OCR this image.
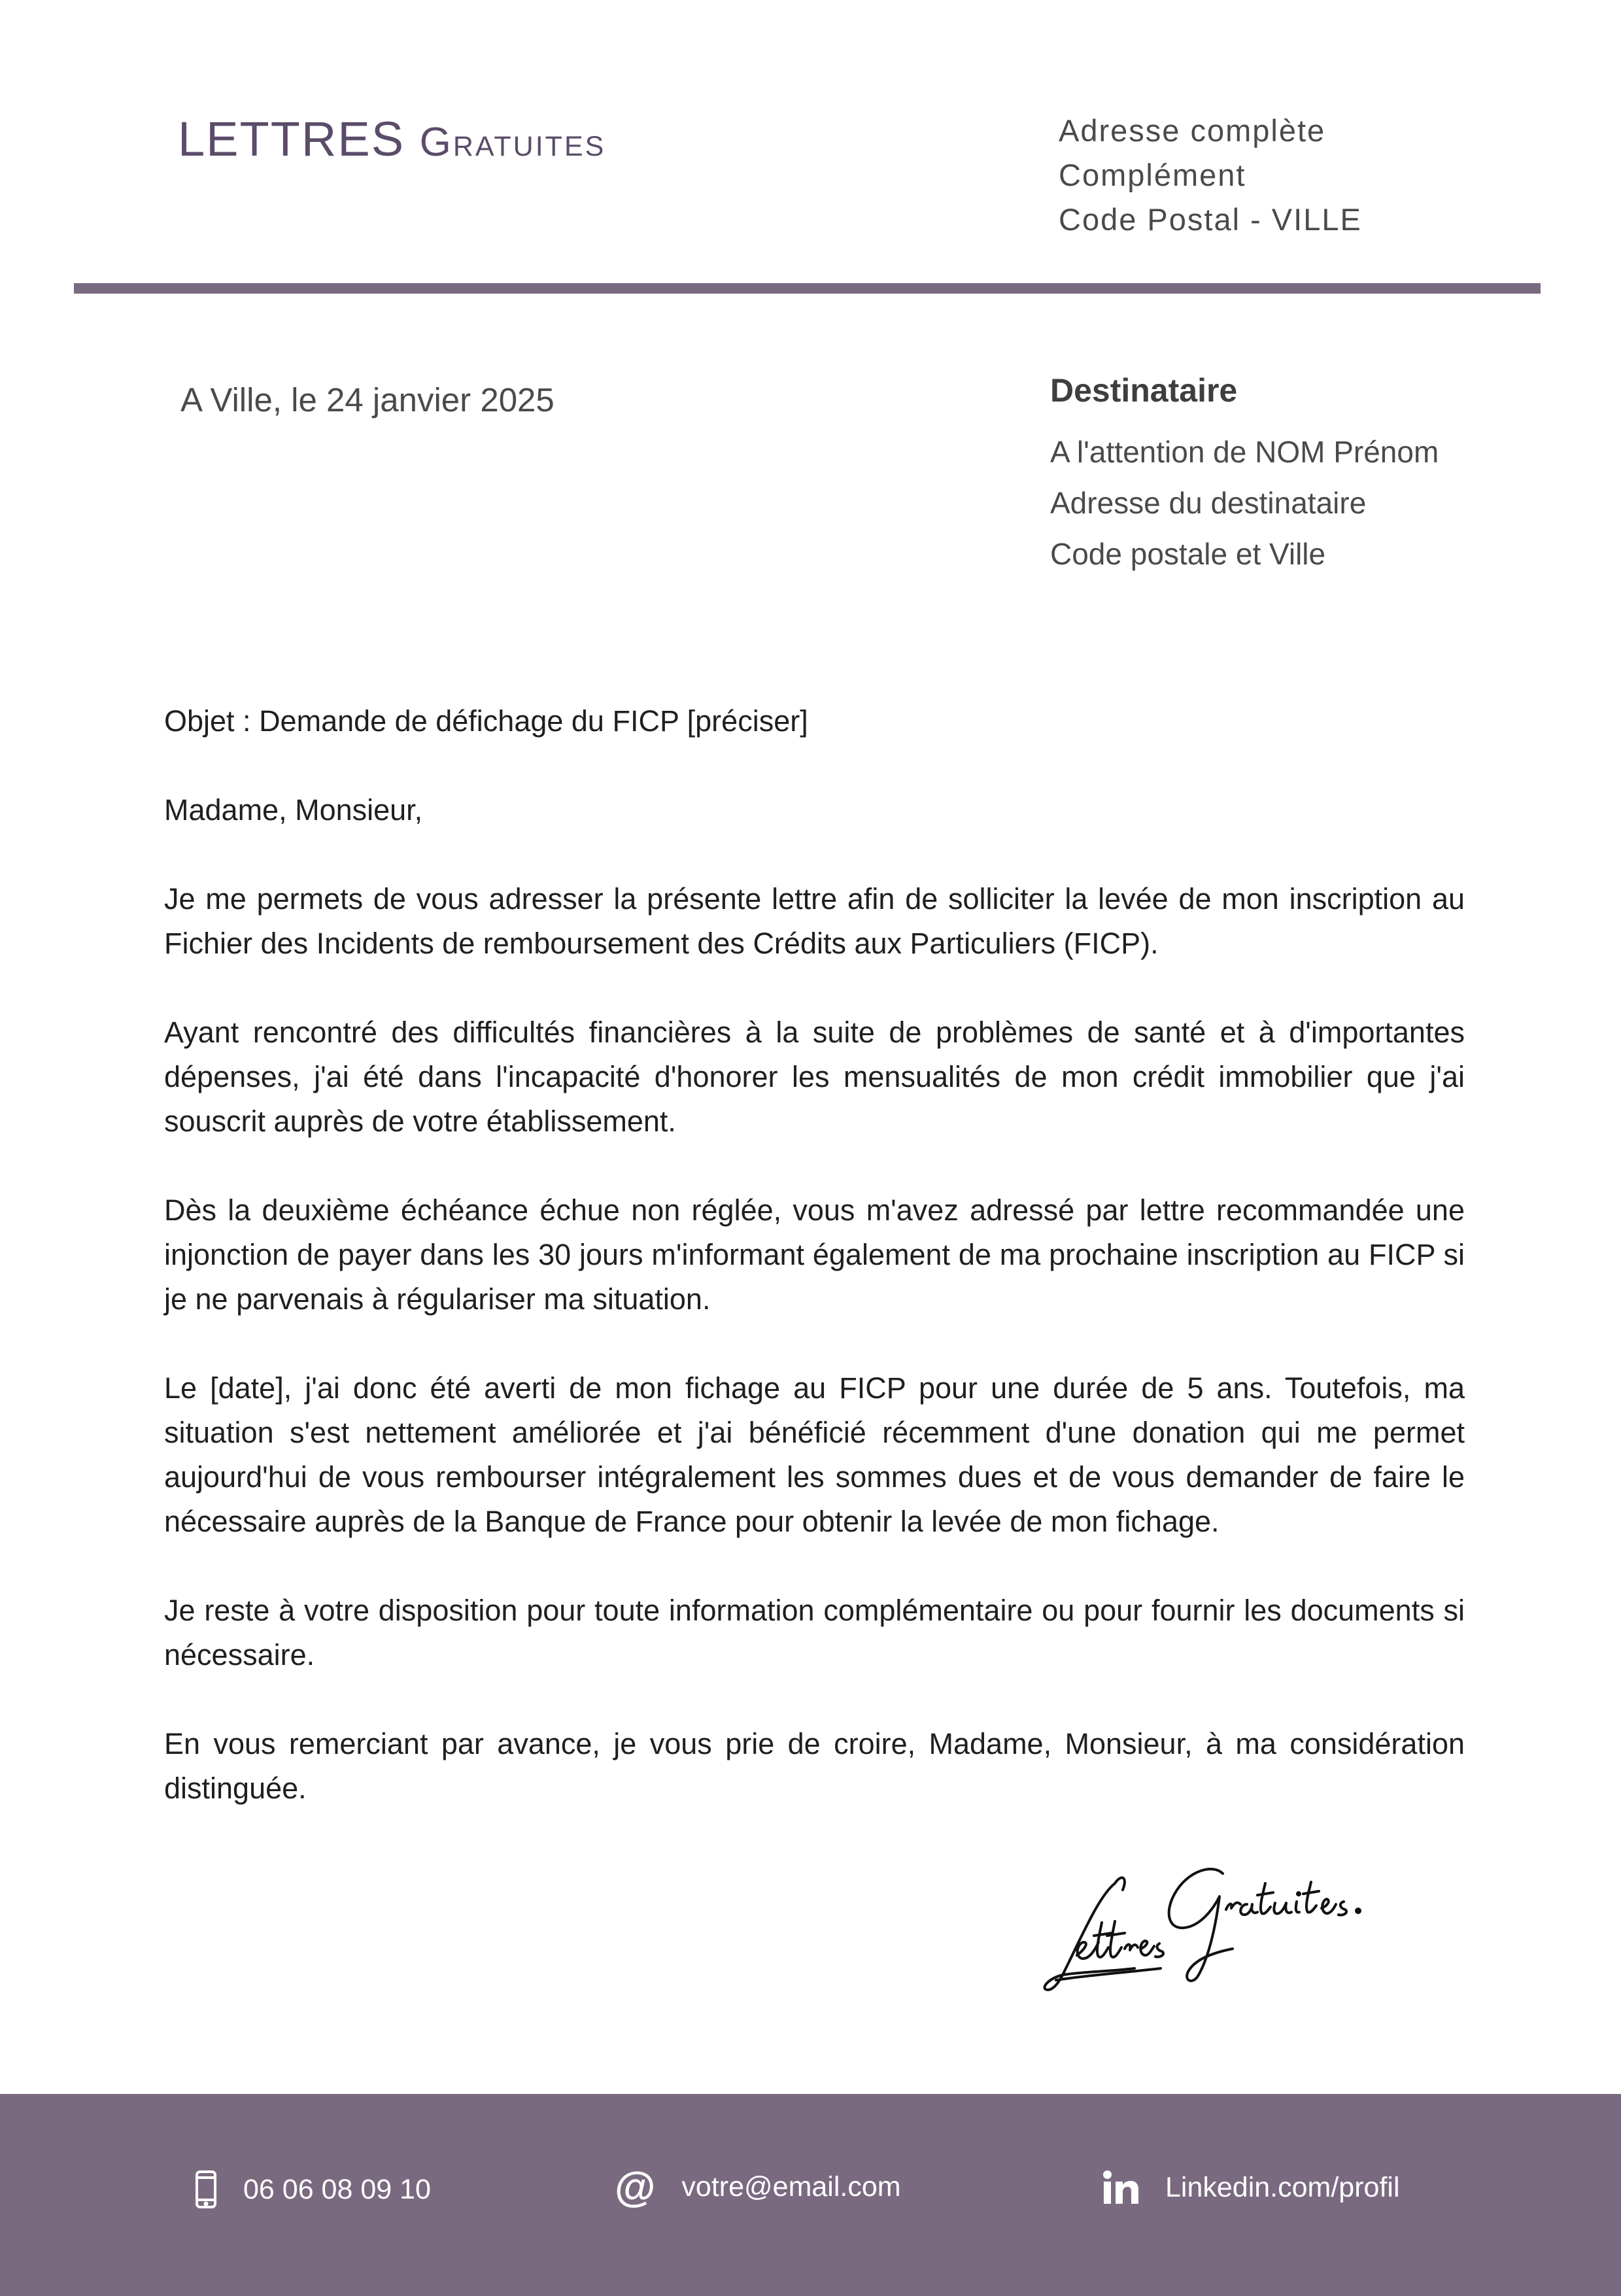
LETTRES Gratuites	Adresse complète
Complément
Code Postal - VILLE
A Ville, le 24 janvier 2025	Destinataire
A l'attention de NOM Prénom
Adresse du destinataire
Code postale et Ville

Objet : Demande de défichage du FICP [préciser]

Madame, Monsieur,

Je me permets de vous adresser la présente lettre afin de solliciter la levée de mon inscription au Fichier des Incidents de remboursement des Crédits aux Particuliers (FICP).

Ayant rencontré des difficultés financières à la suite de problèmes de santé et à d'importantes dépenses, j'ai été dans l'incapacité d'honorer les mensualités de mon crédit immobilier que j'ai souscrit auprès de votre établissement.

Dès la deuxième échéance échue non réglée, vous m'avez adressé par lettre recommandée une injonction de payer dans les 30 jours m'informant également de ma prochaine inscription au FICP si je ne parvenais à régulariser ma situation.

Le [date], j'ai donc été averti de mon fichage au FICP pour une durée de 5 ans. Toutefois, ma situation s'est nettement améliorée et j'ai bénéficié récemment d'une donation qui me permet aujourd'hui de vous rembourser intégralement les sommes dues et de vous demander de faire le nécessaire auprès de la Banque de France pour obtenir la levée de mon fichage.

Je reste à votre disposition pour toute information complémentaire ou pour fournir les documents si nécessaire.

En vous remerciant par avance, je vous prie de croire, Madame, Monsieur, à ma considération distinguée.

06 06 08 09 10	@ votre@email.com	Linkedin.com/profil
